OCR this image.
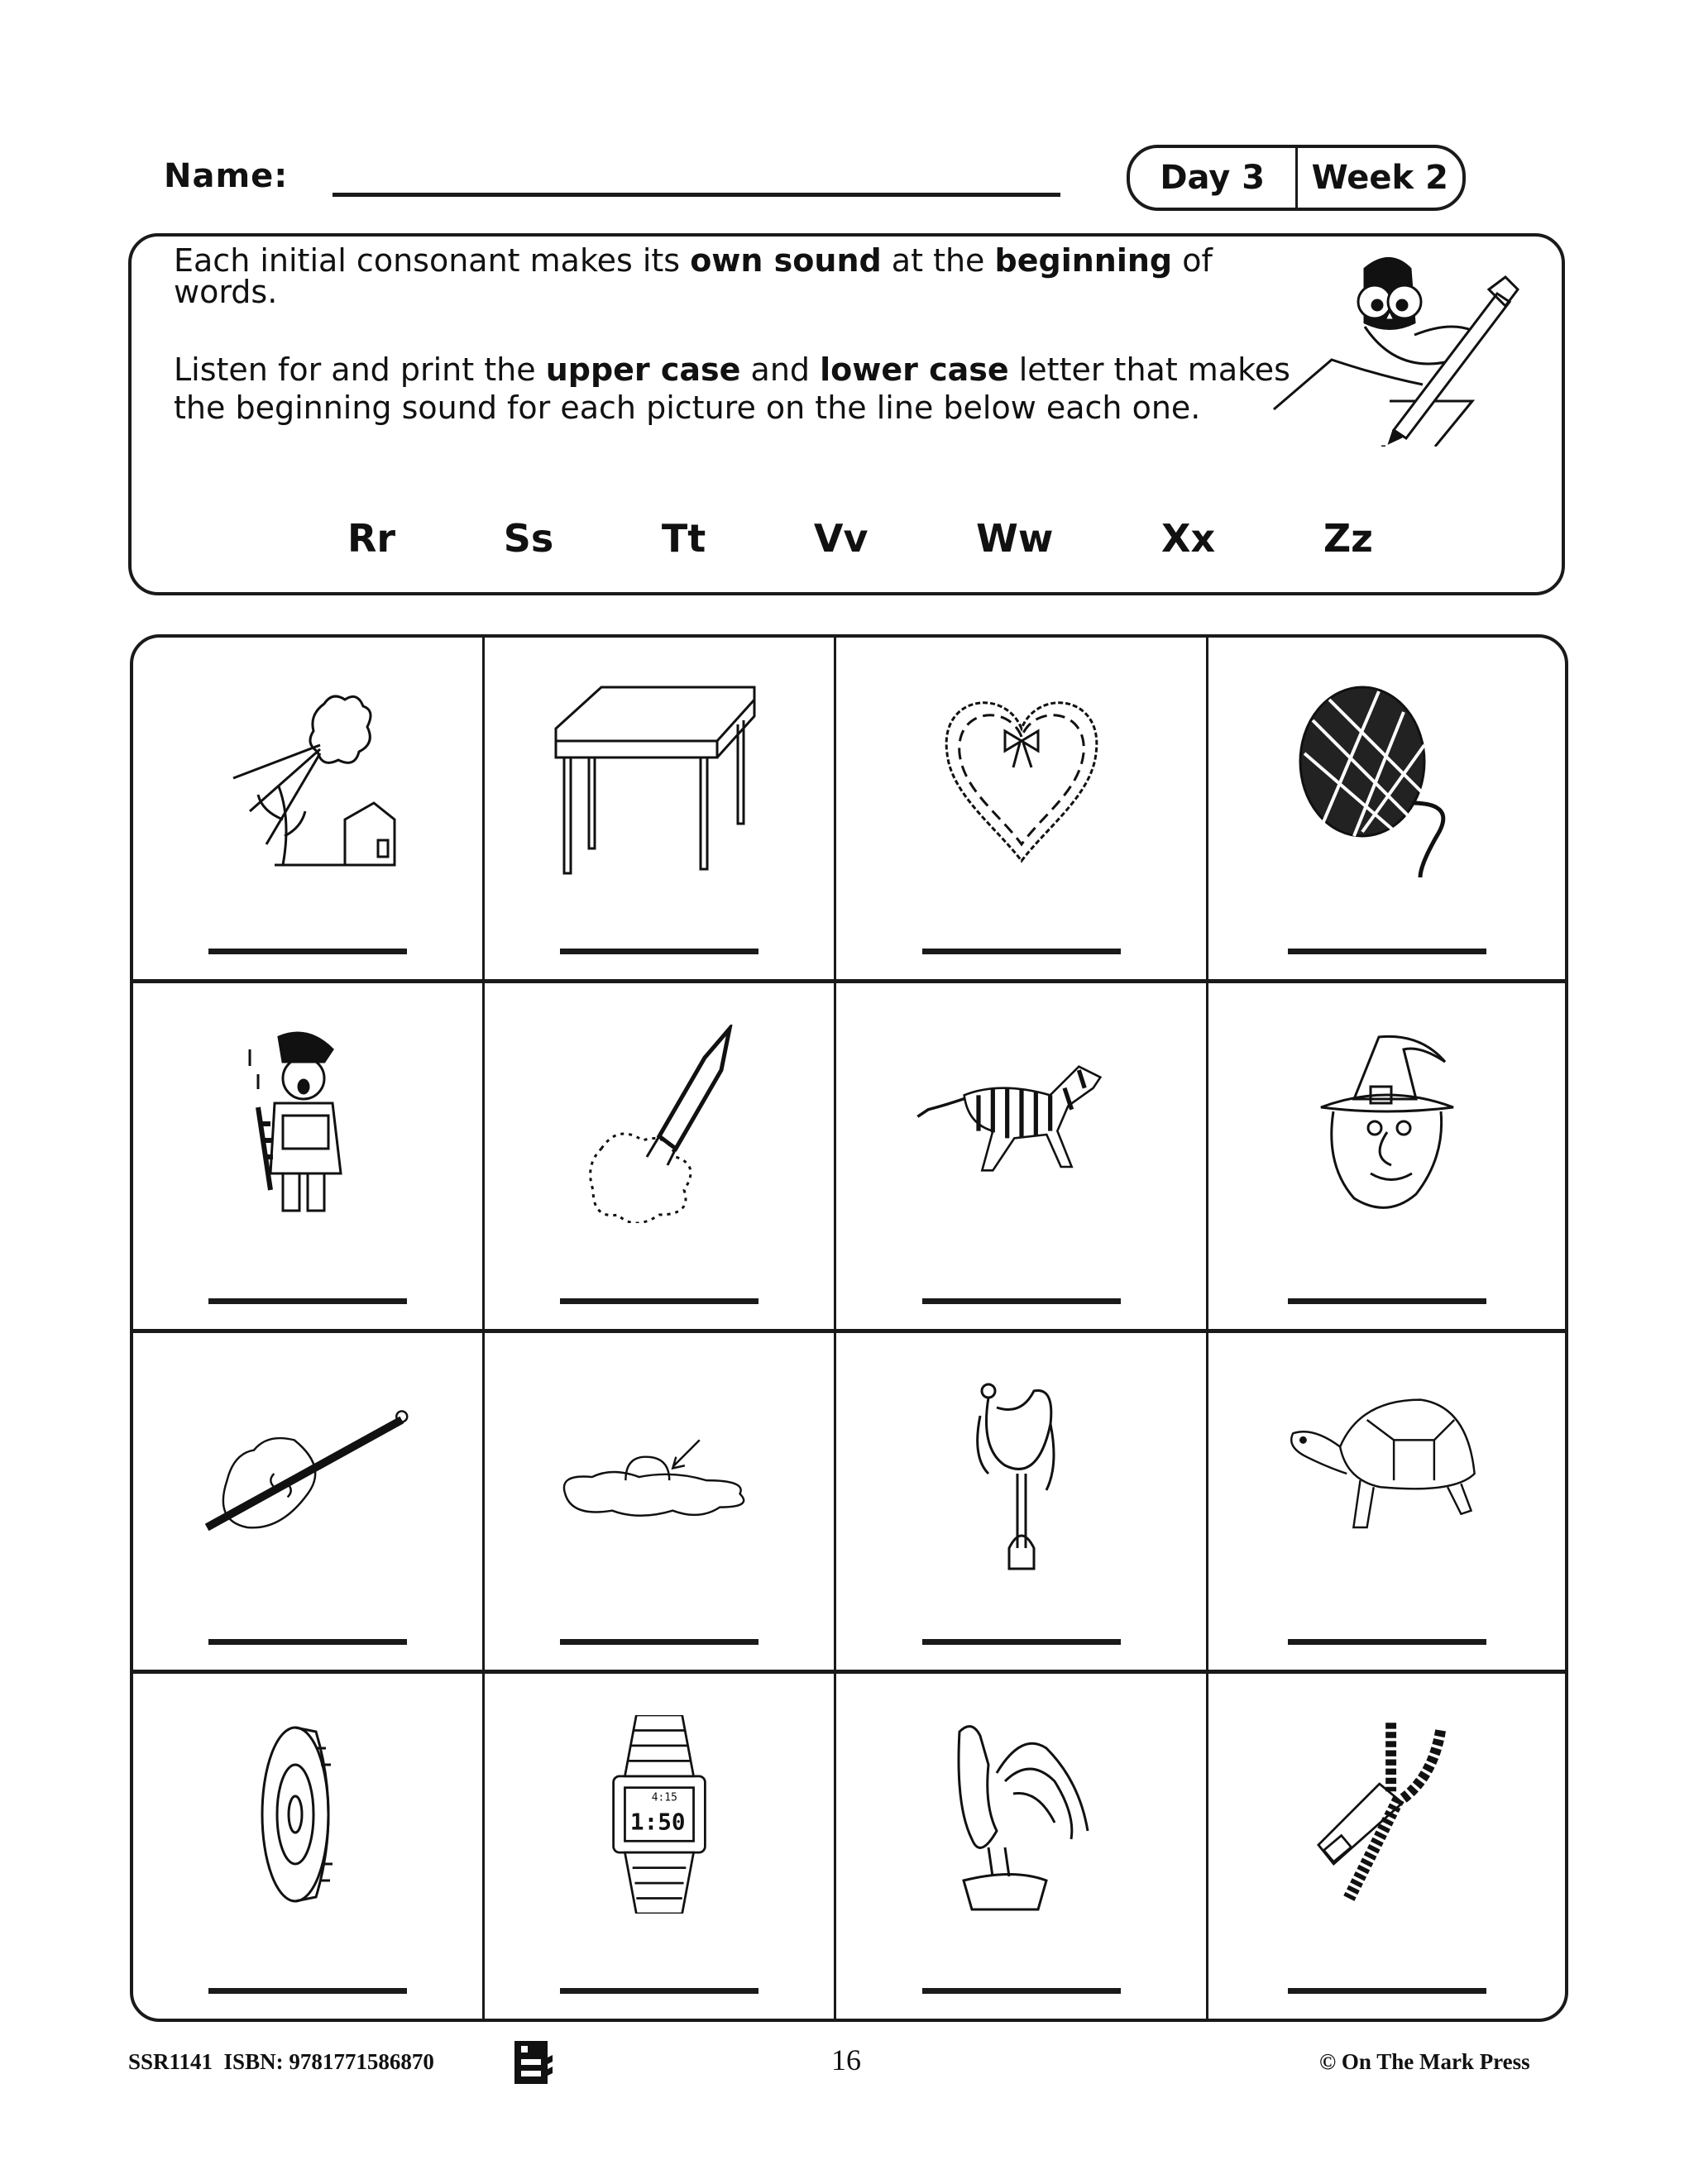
Name:	Day 3	Week 2
Each initial consonant makes its own sound at the beginning of words.
Listen for and print the upper case and lower case letter that makes the beginning sound for each picture on the line below each one.
Rr	Ss	Tt	Vv	Ww	Xx	Zz
4:15
1:50
SSR1141 ISBN: 9781771586870	16	© On The Mark Press
